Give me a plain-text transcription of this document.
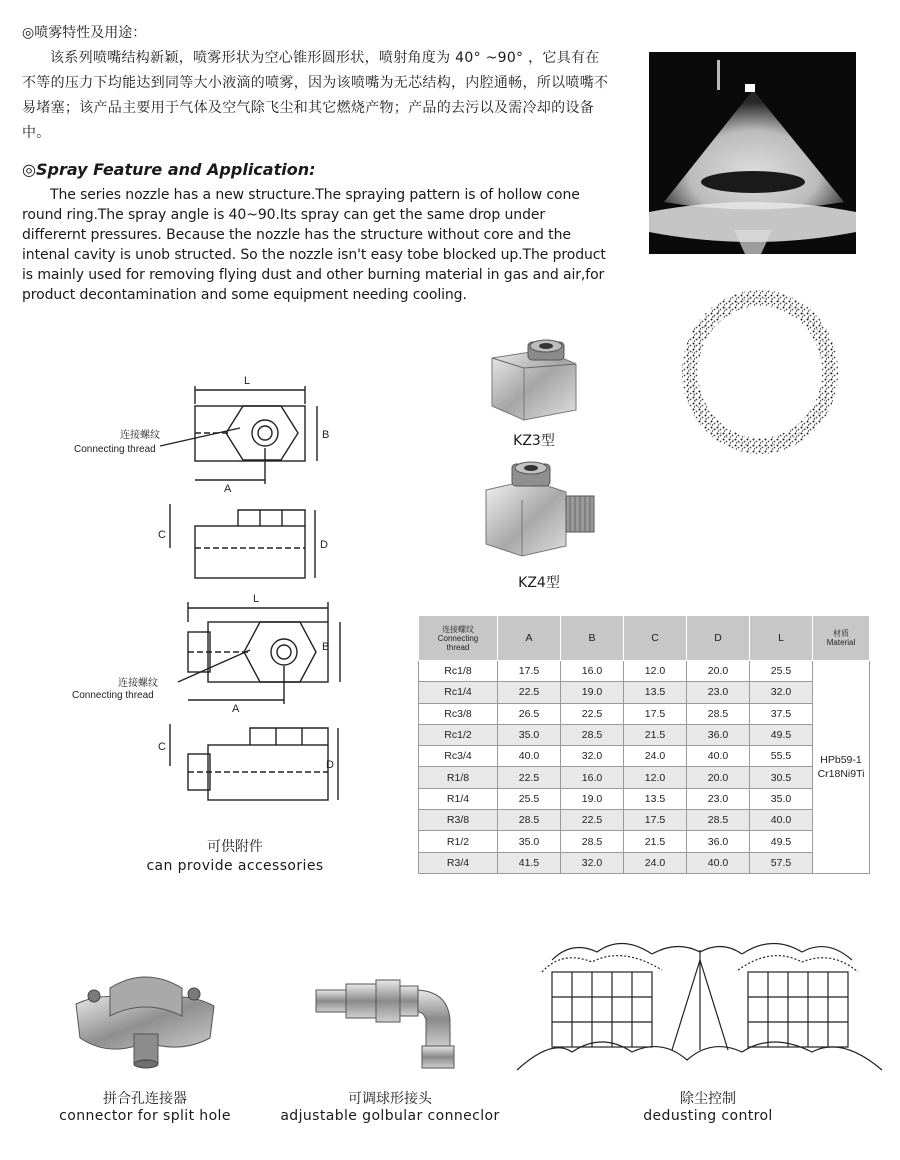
◎喷雾特性及用途：
该系列喷嘴结构新颖，喷雾形状为空心锥形圆形状，喷射角度为 40° ~90° ，它具有在不等的压力下均能达到同等大小液滴的喷雾，因为该喷嘴为无芯结构，内腔通畅，所以喷嘴不易堵塞；该产品主要用于气体及空气除飞尘和其它燃烧产物；产品的去污以及需冷却的设备中。
◎Spray Feature and Application:
The series nozzle has a new structure.The spraying pattern is of hollow cone round ring.The spray angle is 40~90.Its spray can get the same drop under differernt pressures. Because the nozzle has the structure without core and the intenal cavity is unob structed. So the nozzle isn't easy tobe blocked up.The product is mainly used for removing flying dust and other burning material in gas and air,for product decontamination and some equipment needing cooling.
L
B
A
C
D
连接螺纹
Connecting thread
L
B
A
C
D
连接螺纹
Connecting thread
KZ3型
KZ4型
可供附件
can provide accessories
连接螺纹
Connecting
thread	A	B	C	D	L	材质
Material

Rc1/8	17.5	16.0	12.0	20.0	25.5	HPb59-1
Cr18Ni9Ti

Rc1/4	22.5	19.0	13.5	23.0	32.0	
Rc3/8	26.5	22.5	17.5	28.5	37.5	
Rc1/2	35.0	28.5	21.5	36.0	49.5	
Rc3/4	40.0	32.0	24.0	40.0	55.5	
R1/8	22.5	16.0	12.0	20.0	30.5	
R1/4	25.5	19.0	13.5	23.0	35.0	
R3/8	28.5	22.5	17.5	28.5	40.0	
R1/2	35.0	28.5	21.5	36.0	49.5	
R3/4	41.5	32.0	24.0	40.0	57.5	
拼合孔连接器
connector for split hole
可调球形接头
adjustable golbular conneclor
除尘控制
dedusting control
